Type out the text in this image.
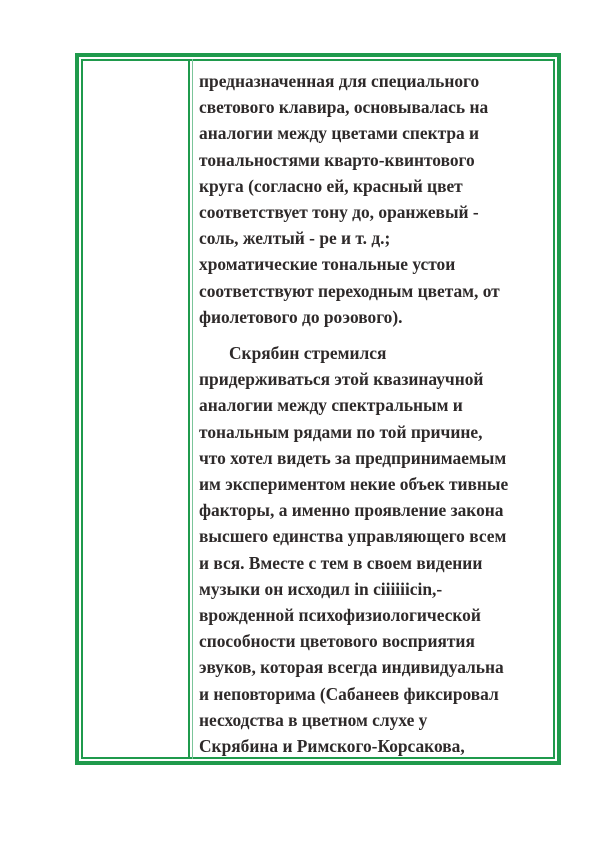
предназначенная для специального
светового клавира, основывалась на
аналогии между цветами спектра и
тональностями кварто-квинтового
круга (согласно ей, красный цвет
соответствует тону до, оранжевый -
соль, желтый - ре и т. д.;
хроматические тональные устои
соответствуют переходным цветам, от
фиолетового до роэового).
Скрябин стремился
придерживаться этой квазинаучной
аналогии между спектральным и
тональным рядами по той причине,
что хотел видеть за предпринимаемым
им экспериментом некие объек тивные
факторы, а именно проявление закона
высшего единства управляющего всем
и вся. Вместе с тем в своем видении
музыки он исходил in ciiiiiicin,-
врожденной психофизиологической
способности цветового восприятия
эвуков, которая всегда индивидуальна
и неповторима (Сабанеев фиксировал
несходства в цветном слухе у
Скрябина и Римского-Корсакова,
